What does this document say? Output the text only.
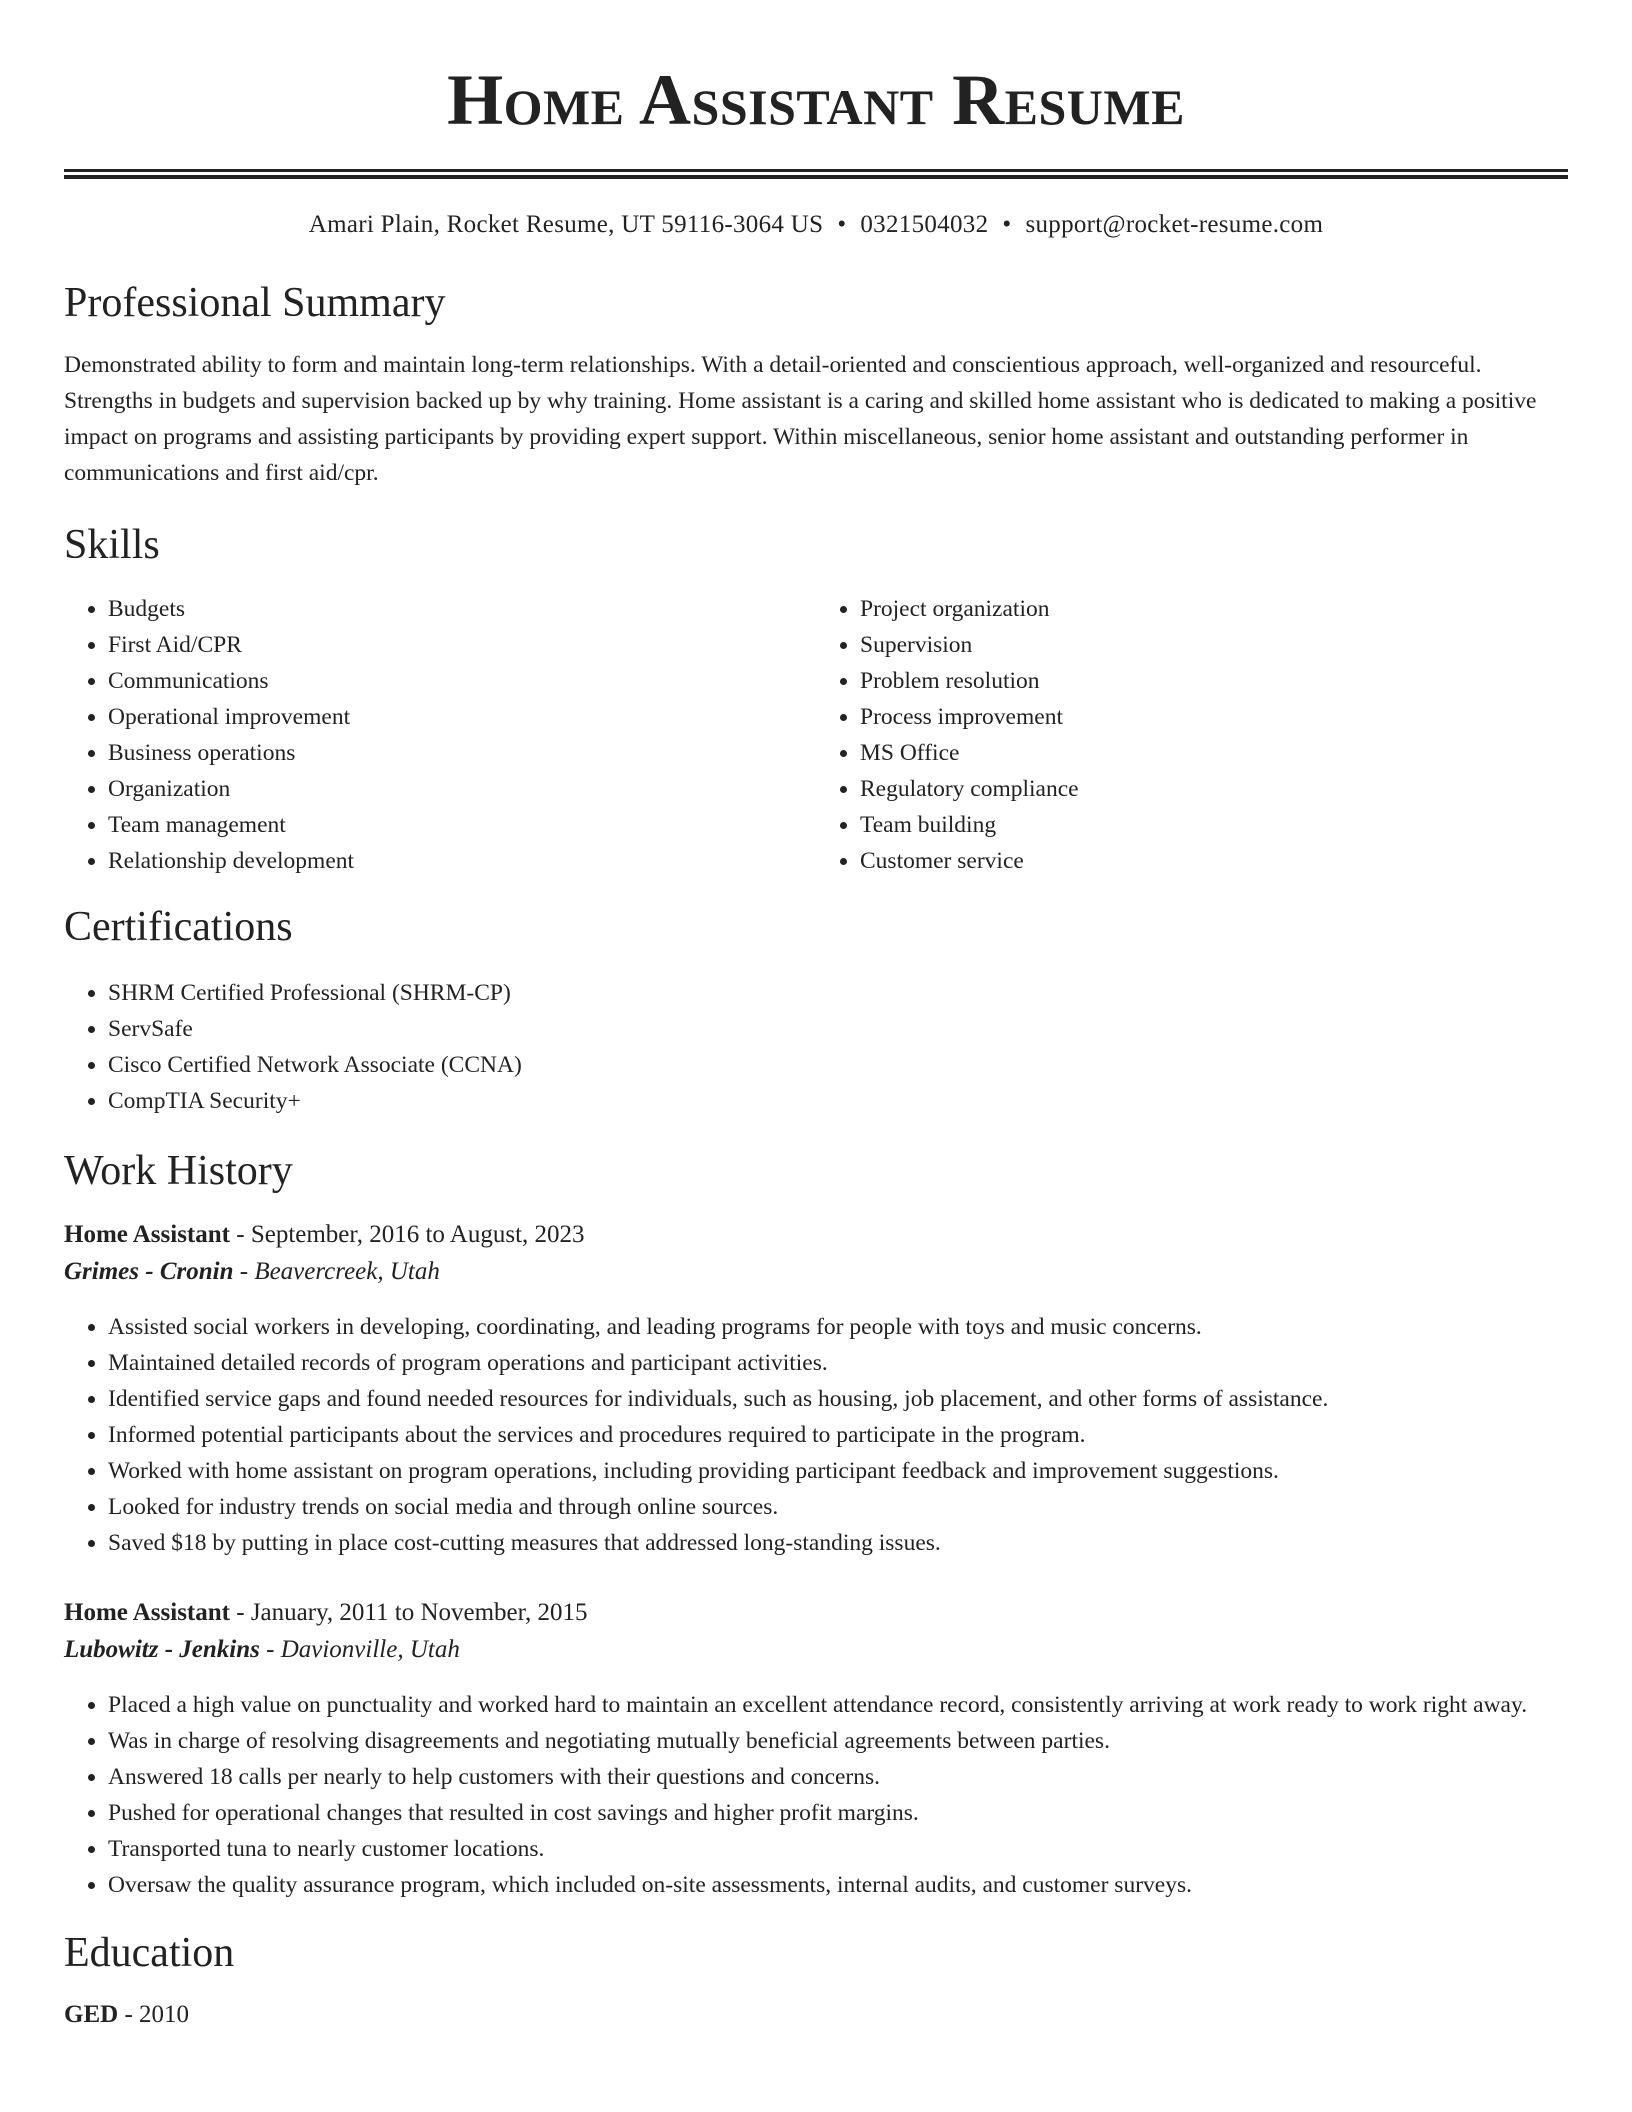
Home Assistant Resume
Amari Plain, Rocket Resume, UT 59116-3064 US • 0321504032 • support@rocket-resume.com
Professional Summary

Demonstrated ability to form and maintain long-term relationships. With a detail-oriented and conscientious approach, well-organized and resourceful. Strengths in budgets and supervision backed up by why training. Home assistant is a caring and skilled home assistant who is dedicated to making a positive impact on programs and assisting participants by providing expert support. Within miscellaneous, senior home assistant and outstanding performer in communications and first aid/cpr.

Skills
• Budgets
• First Aid/CPR
• Communications
• Operational improvement
• Business operations
• Organization
• Team management
• Relationship development
• Project organization
• Supervision
• Problem resolution
• Process improvement
• MS Office
• Regulatory compliance
• Team building
• Customer service
Certifications
• SHRM Certified Professional (SHRM-CP)
• ServSafe
• Cisco Certified Network Associate (CCNA)
• CompTIA Security+
Work History
Home Assistant - September, 2016 to August, 2023
Grimes - Cronin - Beavercreek, Utah
• Assisted social workers in developing, coordinating, and leading programs for people with toys and music concerns.
• Maintained detailed records of program operations and participant activities.
• Identified service gaps and found needed resources for individuals, such as housing, job placement, and other forms of assistance.
• Informed potential participants about the services and procedures required to participate in the program.
• Worked with home assistant on program operations, including providing participant feedback and improvement suggestions.
• Looked for industry trends on social media and through online sources.
• Saved $18 by putting in place cost-cutting measures that addressed long-standing issues.
Home Assistant - January, 2011 to November, 2015
Lubowitz - Jenkins - Davionville, Utah
• Placed a high value on punctuality and worked hard to maintain an excellent attendance record, consistently arriving at work ready to work right away.
• Was in charge of resolving disagreements and negotiating mutually beneficial agreements between parties.
• Answered 18 calls per nearly to help customers with their questions and concerns.
• Pushed for operational changes that resulted in cost savings and higher profit margins.
• Transported tuna to nearly customer locations.
• Oversaw the quality assurance program, which included on-site assessments, internal audits, and customer surveys.
Education
GED - 2010
